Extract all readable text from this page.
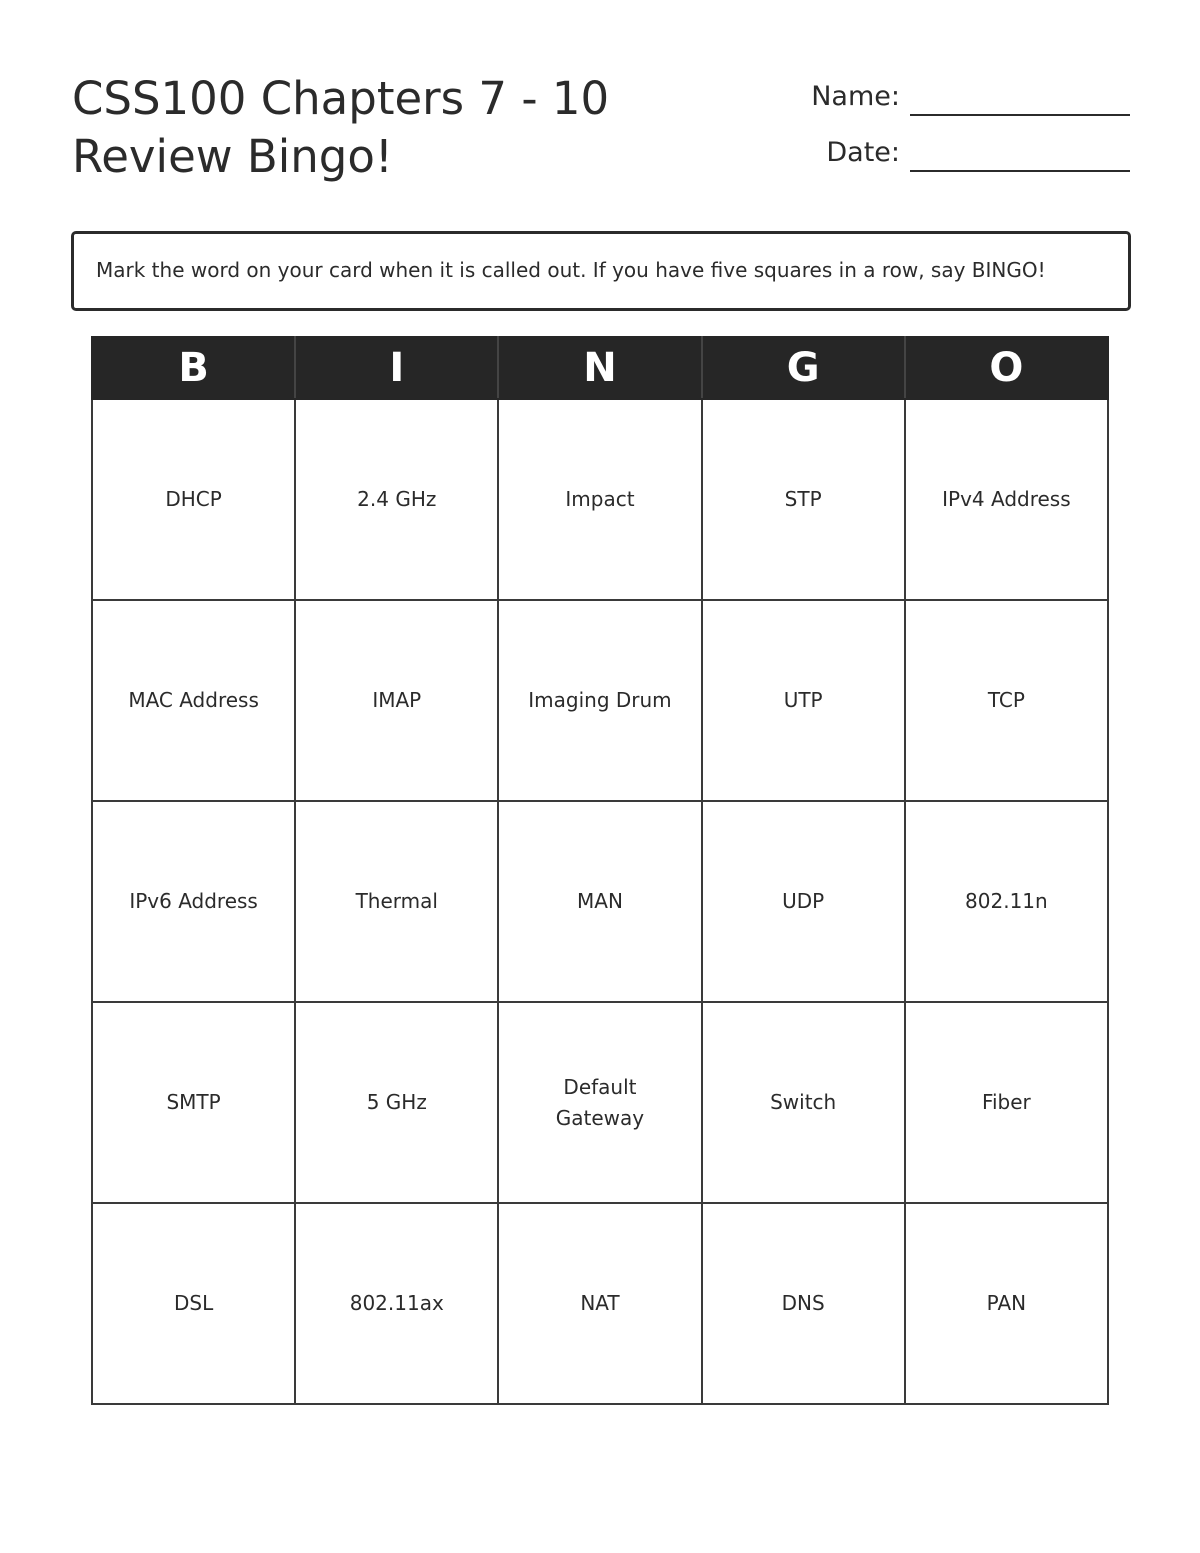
CSS100 Chapters 7 - 10 Review Bingo!
Name:
Date:
Mark the word on your card when it is called out. If you have five squares in a row, say BINGO!
B	I	N	G	O
DHCP	2.4 GHz	Impact	STP	IPv4 Address
MAC Address	IMAP	Imaging Drum	UTP	TCP
IPv6 Address	Thermal	MAN	UDP	802.11n
SMTP	5 GHz	Default Gateway	Switch	Fiber
DSL	802.11ax	NAT	DNS	PAN
